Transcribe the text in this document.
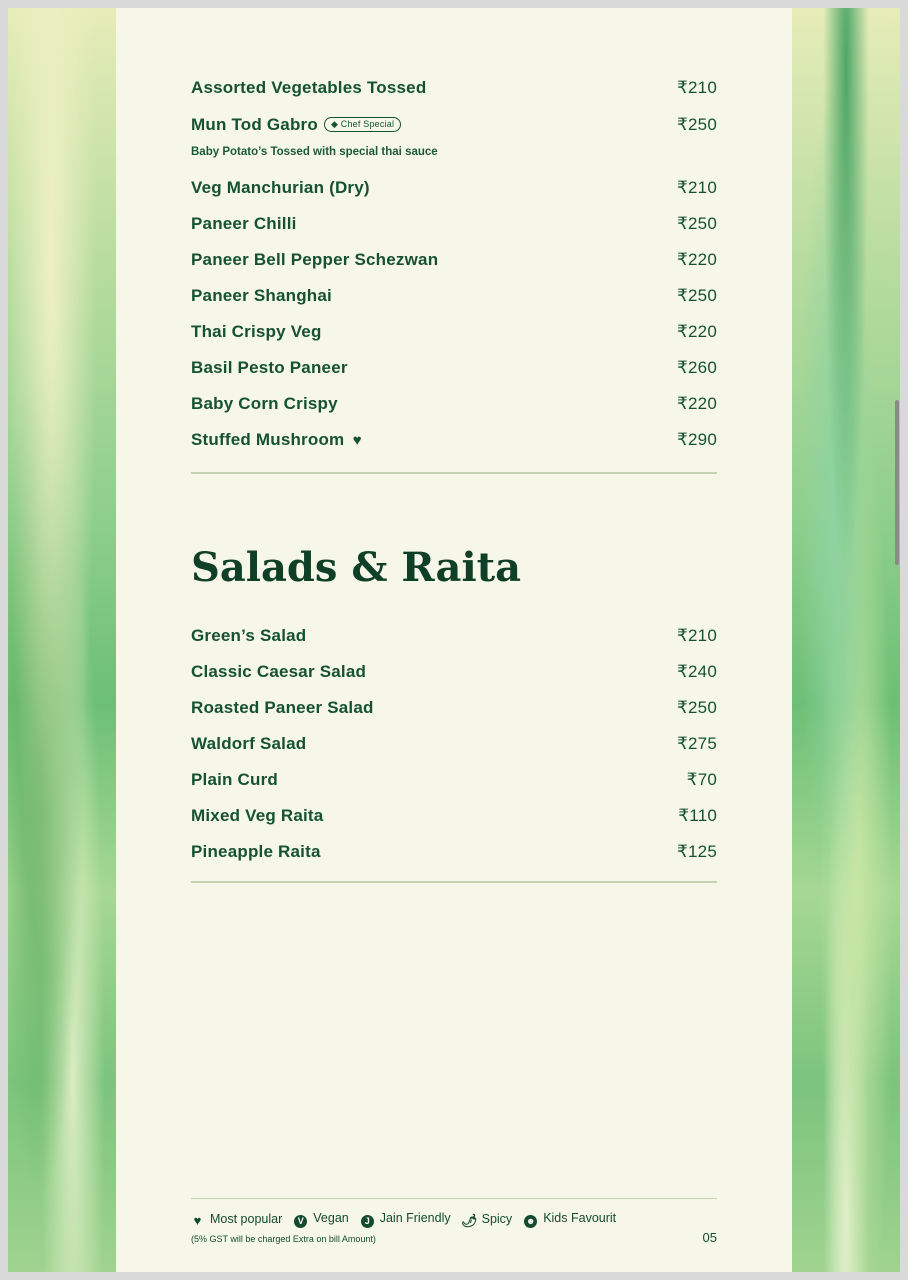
Salads & Raita
♥ Most popular	V Vegan	J Jain Friendly 🌶 Spicy ☻ Kids Favourit
(5% GST will be charged Extra on bill Amount)	05
Assorted Vegetables Tossed	₹210
Mun Tod Gabro ◆ Chef Special	₹250
Baby Potato’s Tossed with special thai sauce
Veg Manchurian (Dry)	₹210
Paneer Chilli	₹250
Paneer Bell Pepper Schezwan	₹220
Paneer Shanghai	₹250
Thai Crispy Veg	₹220
Basil Pesto Paneer	₹260
Baby Corn Crispy	₹220
Stuffed Mushroom ♥	₹290
Green’s Salad	₹210
Classic Caesar Salad	₹240
Roasted Paneer Salad	₹250
Waldorf Salad	₹275
Plain Curd	₹70
Mixed Veg Raita	₹110
Pineapple Raita	₹125
